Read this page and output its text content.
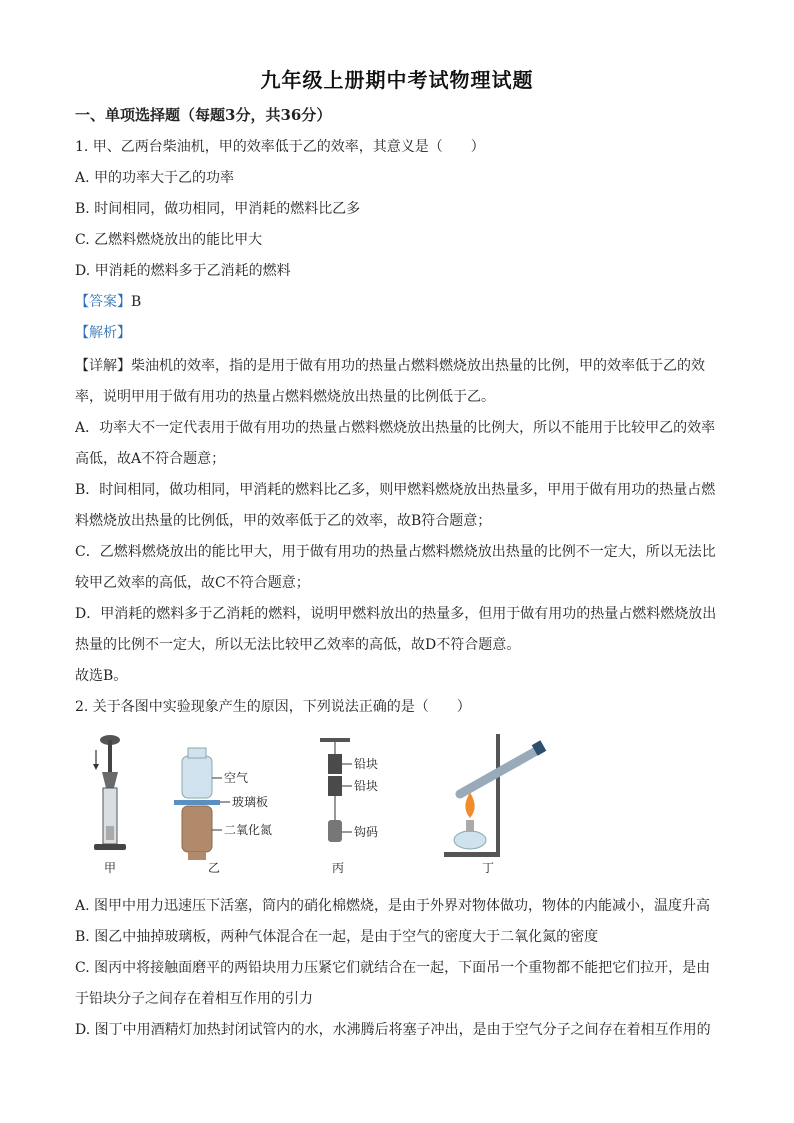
九年级上册期中考试物理试题
一、单项选择题（每题3分，共36分）
1. 甲、乙两台柴油机，甲的效率低于乙的效率，其意义是（　　）
A. 甲的功率大于乙的功率
B. 时间相同，做功相同，甲消耗的燃料比乙多
C. 乙燃料燃烧放出的能比甲大
D. 甲消耗的燃料多于乙消耗的燃料
【答案】B
【解析】
【详解】柴油机的效率，指的是用于做有用功的热量占燃料燃烧放出热量的比例，甲的效率低于乙的效
率，说明甲用于做有用功的热量占燃料燃烧放出热量的比例低于乙。
A．功率大不一定代表用于做有用功的热量占燃料燃烧放出热量的比例大，所以不能用于比较甲乙的效率
高低，故A不符合题意；
B．时间相同，做功相同，甲消耗的燃料比乙多，则甲燃料燃烧放出热量多，甲用于做有用功的热量占燃
料燃烧放出热量的比例低，甲的效率低于乙的效率，故B符合题意；
C．乙燃料燃烧放出的能比甲大，用于做有用功的热量占燃料燃烧放出热量的比例不一定大，所以无法比
较甲乙效率的高低，故C不符合题意；
D．甲消耗的燃料多于乙消耗的燃料，说明甲燃料放出的热量多，但用于做有用功的热量占燃料燃烧放出
热量的比例不一定大，所以无法比较甲乙效率的高低，故D不符合题意。
故选B。
2. 关于各图中实验现象产生的原因，下列说法正确的是（　　）
空气
玻璃板
二氧化氮
铅块
铅块
钩码
甲	乙	丙	丁
A. 图甲中用力迅速压下活塞，筒内的硝化棉燃烧，是由于外界对物体做功，物体的内能减小，温度升高
B. 图乙中抽掉玻璃板，两种气体混合在一起，是由于空气的密度大于二氧化氮的密度
C. 图丙中将接触面磨平的两铅块用力压紧它们就结合在一起，下面吊一个重物都不能把它们拉开，是由
于铅块分子之间存在着相互作用的引力
D. 图丁中用酒精灯加热封闭试管内的水，水沸腾后将塞子冲出，是由于空气分子之间存在着相互作用的
